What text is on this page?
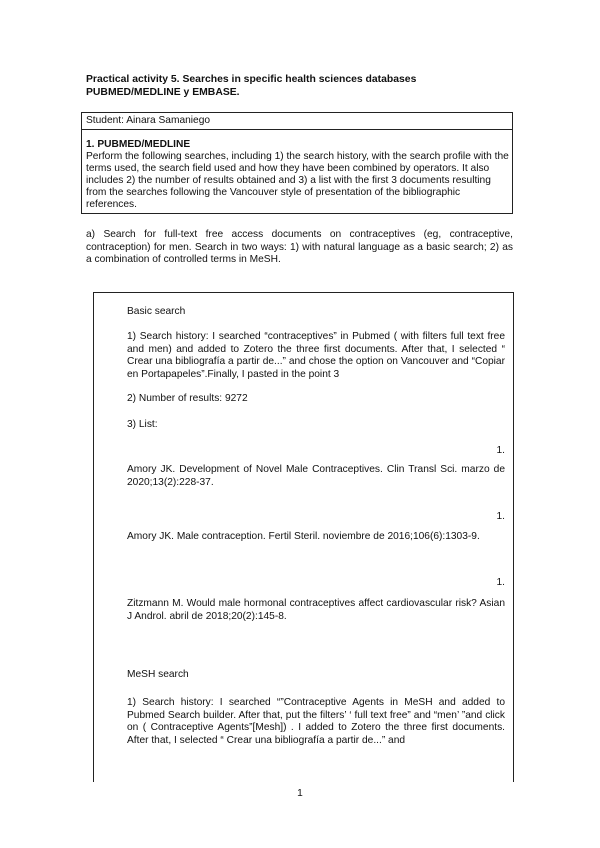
Practical activity 5. Searches in specific health sciences databases
PUBMED/MEDLINE y EMBASE.
Student: Ainara Samaniego
1. PUBMED/MEDLINE
Perform the following searches, including 1) the search history, with the search profile with the terms used, the search field used and how they have been combined by operators. It also includes 2) the number of results obtained and 3) a list with the first 3 documents resulting from the searches following the Vancouver style of presentation of the bibliographic references.
a) Search for full-text free access documents on contraceptives (eg, contraceptive, contraception) for men. Search in two ways: 1) with natural language as a basic search; 2) as a combination of controlled terms in MeSH.
Basic search
1) Search history: I searched “contraceptives” in Pubmed ( with filters full text free and men) and added to Zotero the three first documents. After that, I selected “ Crear una bibliografía a partir de...” and chose the option on Vancouver and “Copiar en Portapapeles”.Finally, I pasted in the point 3
2) Number of results: 9272
3) List:
1.
Amory JK. Development of Novel Male Contraceptives. Clin Transl Sci. marzo de 2020;13(2):228-37.
1.
Amory JK. Male contraception. Fertil Steril. noviembre de 2016;106(6):1303-9.
1.
Zitzmann M. Would male hormonal contraceptives affect cardiovascular risk? Asian J Androl. abril de 2018;20(2):145-8.
MeSH search
1) Search history: I searched “”Contraceptive Agents in MeSH and added to Pubmed Search builder. After that, put the filters’ ‘ full text free” and “men’ ”and click on ( Contraceptive Agents”[Mesh]) . I added to Zotero the three first documents. After that, I selected “ Crear una bibliografía a partir de...” and
1
